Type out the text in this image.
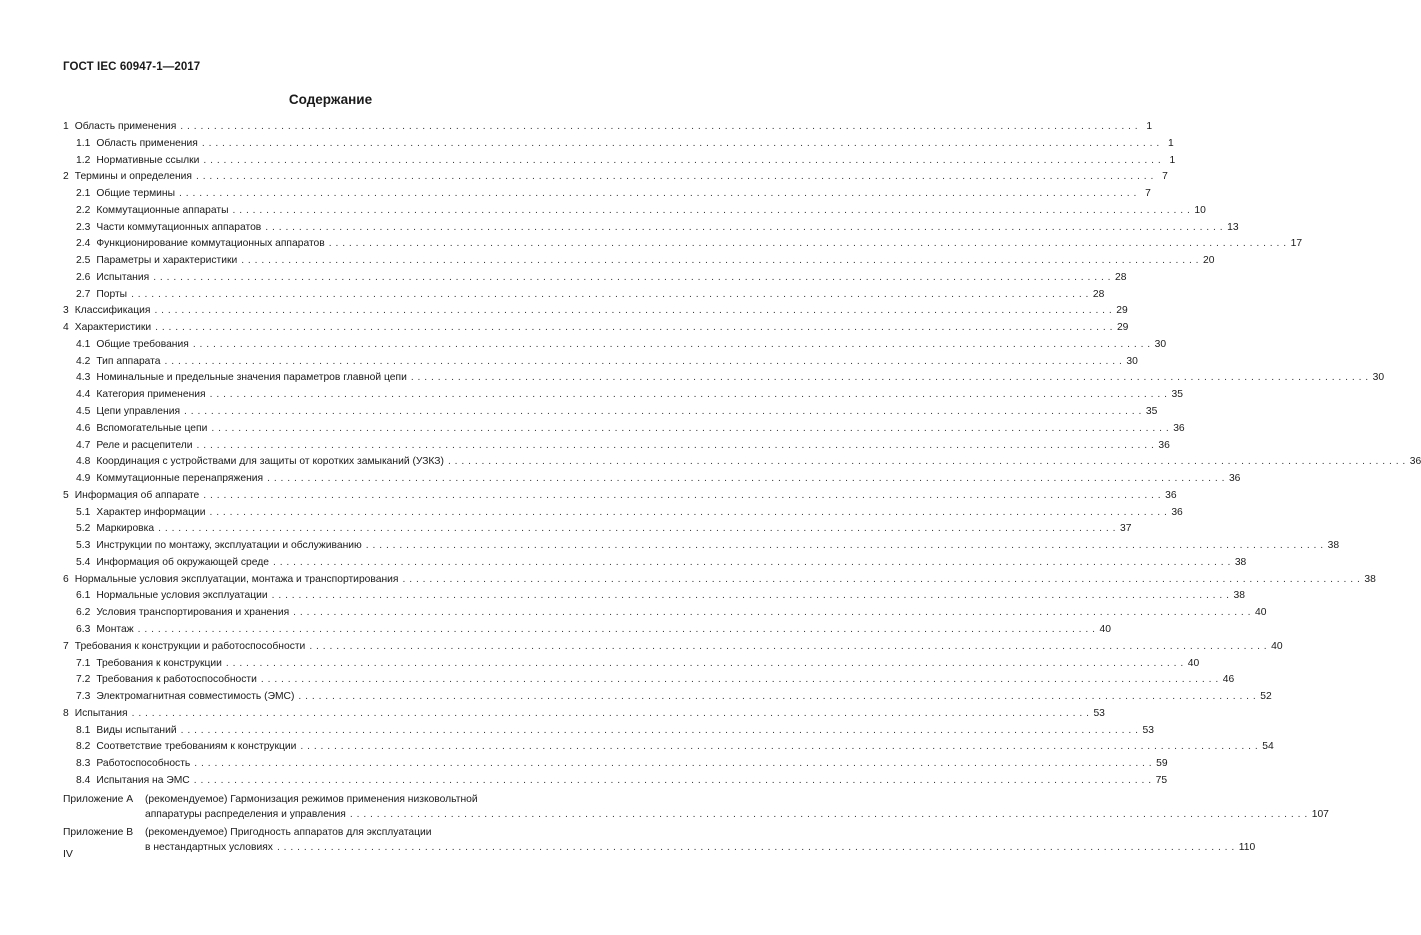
ГОСТ IEC 60947-1—2017
Содержание
1 Область применения . . .	1
1.1 Область применения . . .	1
1.2 Нормативные ссылки . . .	1
2 Термины и определения . . .	7
2.1 Общие термины . . .	7
2.2 Коммутационные аппараты . . .	10
2.3 Части коммутационных аппаратов . . .	13
2.4 Функционирование коммутационных аппаратов . . .	17
2.5 Параметры и характеристики . . .	20
2.6 Испытания . . .	28
2.7 Порты . . .	28
3 Классификация . . .	29
4 Характеристики . . .	29
4.1 Общие требования . . .	30
4.2 Тип аппарата . . .	30
4.3 Номинальные и предельные значения параметров главной цепи . . .	30
4.4 Категория применения . . .	35
4.5 Цепи управления . . .	35
4.6 Вспомогательные цепи . . .	36
4.7 Реле и расцепители . . .	36
4.8 Координация с устройствами для защиты от коротких замыканий (УЗКЗ) . . .	36
4.9 Коммутационные перенапряжения . . .	36
5 Информация об аппарате . . .	36
5.1 Характер информации . . .	36
5.2 Маркировка . . .	37
5.3 Инструкции по монтажу, эксплуатации и обслуживанию . . .	38
5.4 Информация об окружающей среде . . .	38
6 Нормальные условия эксплуатации, монтажа и транспортирования . . .	38
6.1 Нормальные условия эксплуатации . . .	38
6.2 Условия транспортирования и хранения . . .	40
6.3 Монтаж . . .	40
7 Требования к конструкции и работоспособности . . .	40
7.1 Требования к конструкции . . .	40
7.2 Требования к работоспособности . . .	46
7.3 Электромагнитная совместимость (ЭМС) . . .	52
8 Испытания . . .	53
8.1 Виды испытаний . . .	53
8.2 Соответствие требованиям к конструкции . . .	54
8.3 Работоспособность . . .	59
8.4 Испытания на ЭМС . . .	75
Приложение А	(рекомендуемое) Гармонизация режимов применения низковольтной
аппаратуры распределения и управления . . .	107
Приложение В	(рекомендуемое) Пригодность аппаратов для эксплуатации
в нестандартных условиях . . .	110
IV
